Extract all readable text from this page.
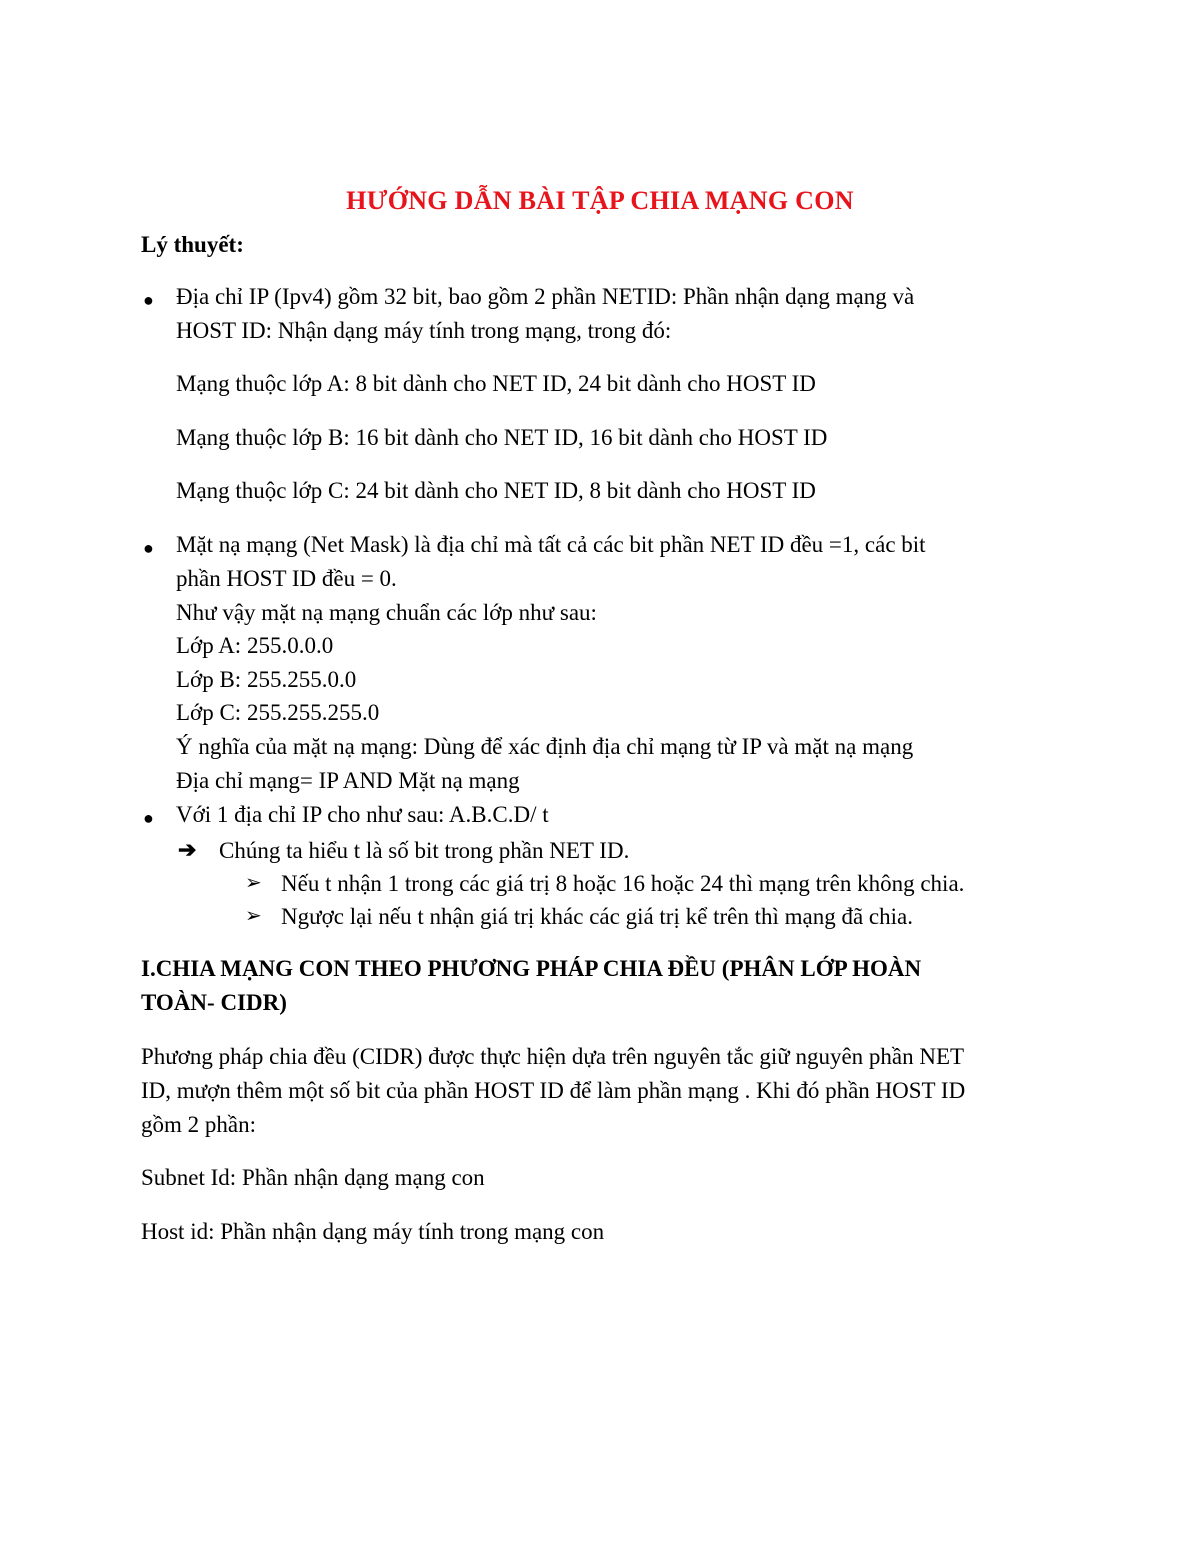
HƯỚNG DẪN BÀI TẬP CHIA MẠNG CON
Lý thuyết:
● Địa chỉ IP (Ipv4) gồm 32 bit, bao gồm 2 phần NETID: Phần nhận dạng mạng và
HOST ID: Nhận dạng máy tính trong mạng, trong đó:
Mạng thuộc lớp A: 8 bit dành cho NET ID, 24 bit dành cho HOST ID
Mạng thuộc lớp B: 16 bit dành cho NET ID, 16 bit dành cho HOST ID
Mạng thuộc lớp C: 24 bit dành cho NET ID, 8 bit dành cho HOST ID
● Mặt nạ mạng (Net Mask) là địa chỉ mà tất cả các bit phần NET ID đều =1, các bit
phần HOST ID đều = 0.
Như vậy mặt nạ mạng chuẩn các lớp như sau:
Lớp A: 255.0.0.0
Lớp B: 255.255.0.0
Lớp C: 255.255.255.0
Ý nghĩa của mặt nạ mạng: Dùng để xác định địa chỉ mạng từ IP và mặt nạ mạng
Địa chỉ mạng= IP AND Mặt nạ mạng
● Với 1 địa chỉ IP cho như sau: A.B.C.D/ t
➔ Chúng ta hiểu t là số bit trong phần NET ID.
➢ Nếu t nhận 1 trong các giá trị 8 hoặc 16 hoặc 24 thì mạng trên không chia.
➢ Ngược lại nếu t nhận giá trị khác các giá trị kể trên thì mạng đã chia.
I.CHIA MẠNG CON THEO PHƯƠNG PHÁP CHIA ĐỀU (PHÂN LỚP HOÀN
TOÀN- CIDR)
Phương pháp chia đều (CIDR) được thực hiện dựa trên nguyên tắc giữ nguyên phần NET
ID, mượn thêm một số bit của phần HOST ID để làm phần mạng . Khi đó phần HOST ID
gồm 2 phần:
Subnet Id: Phần nhận dạng mạng con
Host id: Phần nhận dạng máy tính trong mạng con
